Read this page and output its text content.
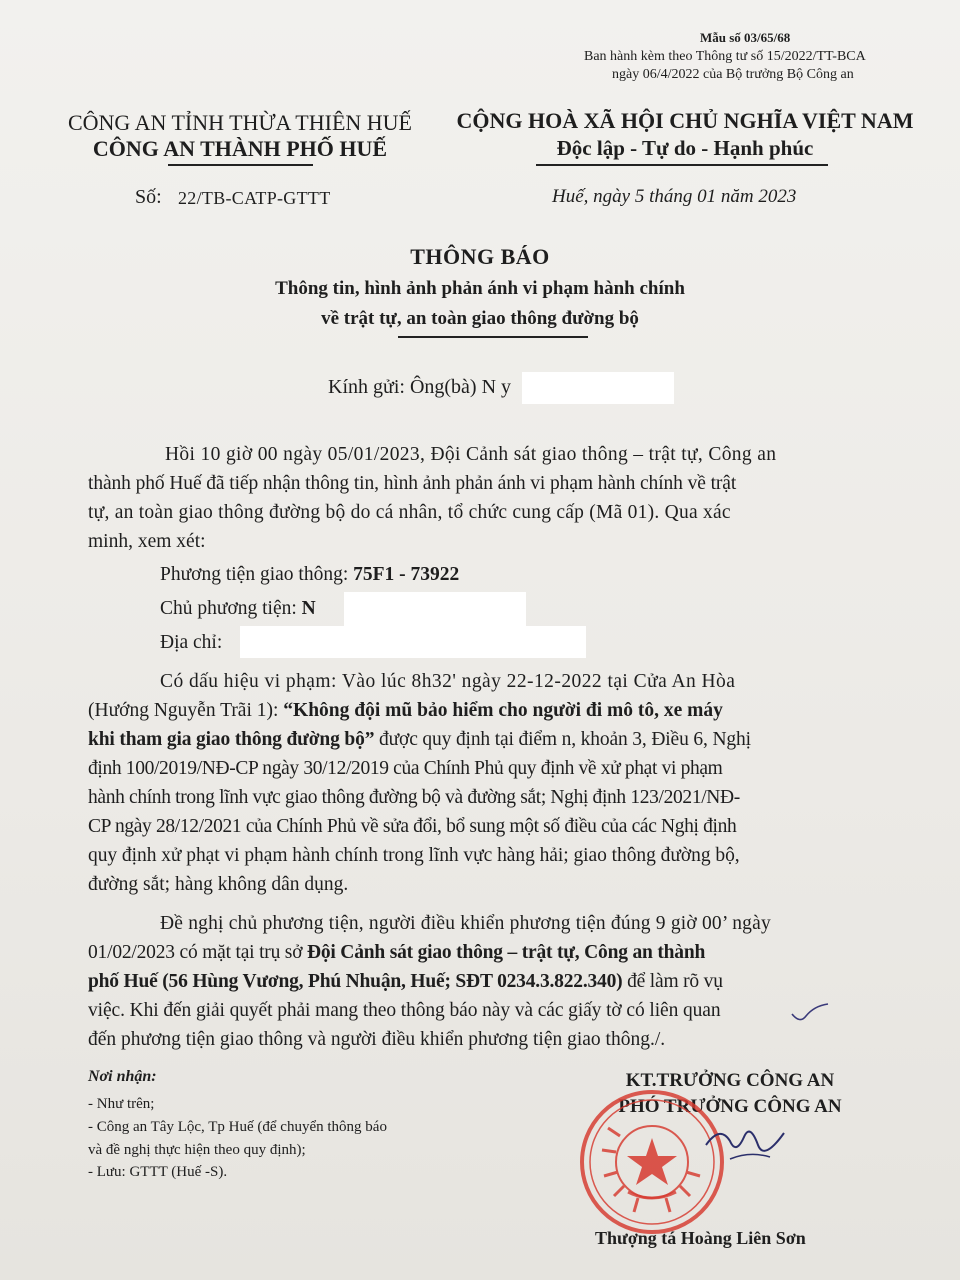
Mẫu số 03/65/68
Ban hành kèm theo Thông tư số 15/2022/TT-BCA
ngày 06/4/2022 của Bộ trưởng Bộ Công an
CÔNG AN TỈNH THỪA THIÊN HUẾ
CÔNG AN THÀNH PHỐ HUẾ
CỘNG HOÀ XÃ HỘI CHỦ NGHĨA VIỆT NAM
Độc lập - Tự do - Hạnh phúc
Số: 22/TB-CATP-GTTT	Huế, ngày 5 tháng 01 năm 2023
THÔNG BÁO
Thông tin, hình ảnh phản ánh vi phạm hành chính
về trật tự, an toàn giao thông đường bộ
Kính gửi: Ông(bà) N y
Hồi 10 giờ 00 ngày 05/01/2023, Đội Cảnh sát giao thông – trật tự, Công an
thành phố Huế đã tiếp nhận thông tin, hình ảnh phản ánh vi phạm hành chính về trật
tự, an toàn giao thông đường bộ do cá nhân, tổ chức cung cấp (Mã 01). Qua xác
minh, xem xét:
Phương tiện giao thông: 75F1 - 73922
Chủ phương tiện: N
Địa chỉ:
Có dấu hiệu vi phạm: Vào lúc 8h32' ngày 22-12-2022 tại Cửa An Hòa
(Hướng Nguyễn Trãi 1): “Không đội mũ bảo hiểm cho người đi mô tô, xe máy
khi tham gia giao thông đường bộ” được quy định tại điểm n, khoản 3, Điều 6, Nghị
định 100/2019/NĐ-CP ngày 30/12/2019 của Chính Phủ quy định về xử phạt vi phạm
hành chính trong lĩnh vực giao thông đường bộ và đường sắt; Nghị định 123/2021/NĐ-
CP ngày 28/12/2021 của Chính Phủ về sửa đổi, bổ sung một số điều của các Nghị định
quy định xử phạt vi phạm hành chính trong lĩnh vực hàng hải; giao thông đường bộ,
đường sắt; hàng không dân dụng.
Đề nghị chủ phương tiện, người điều khiển phương tiện đúng 9 giờ 00’ ngày
01/02/2023 có mặt tại trụ sở Đội Cảnh sát giao thông – trật tự, Công an thành
phố Huế (56 Hùng Vương, Phú Nhuận, Huế; SĐT 0234.3.822.340) để làm rõ vụ
việc. Khi đến giải quyết phải mang theo thông báo này và các giấy tờ có liên quan
đến phương tiện giao thông và người điều khiển phương tiện giao thông./.
Nơi nhận:
- Như trên;
- Công an Tây Lộc, Tp Huế (để chuyển thông báo
và đề nghị thực hiện theo quy định);
- Lưu: GTTT (Huế -S).
KT.TRƯỞNG CÔNG AN
PHÓ TRƯỞNG CÔNG AN
Thượng tá Hoàng Liên Sơn
